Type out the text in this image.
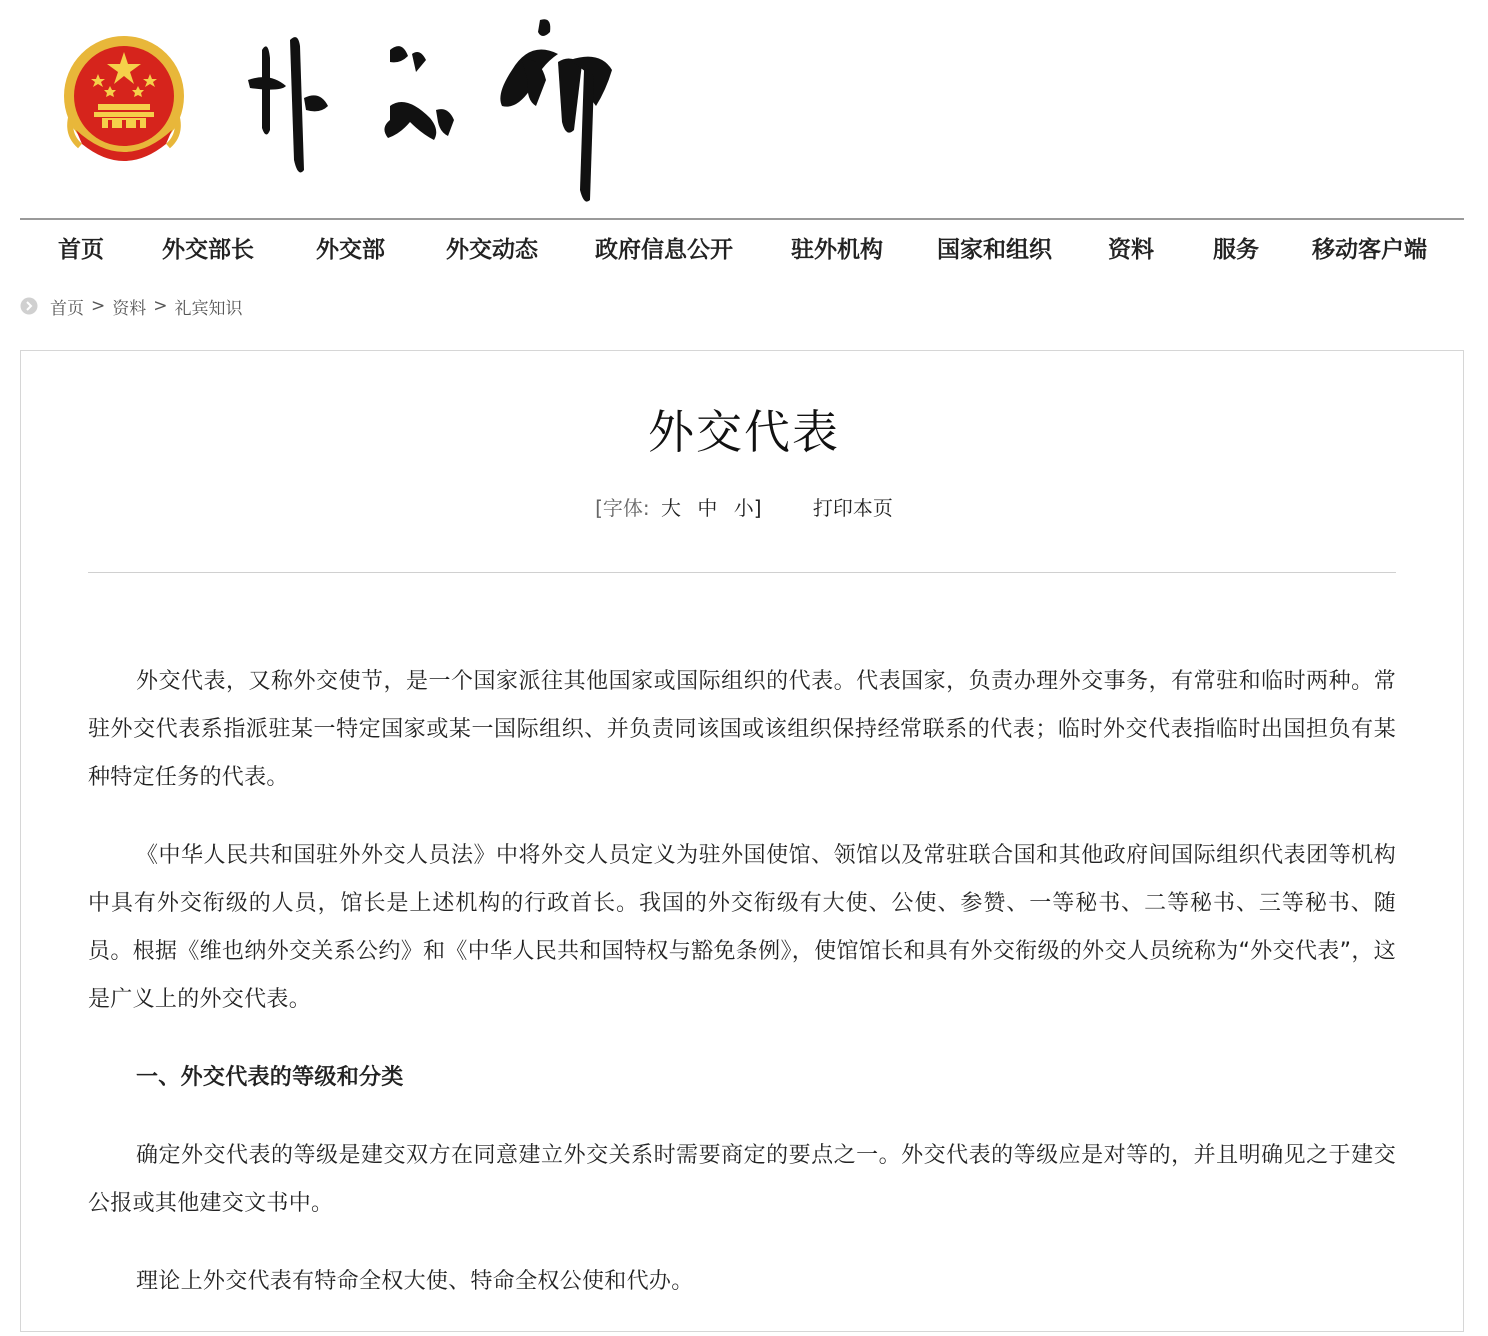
首页	外交部长	外交部	外交动态 政府信息公开	驻外机构 国家和组织 资料	服务 移动客户端
首页 > 资料 > 礼宾知识
外交代表
[字体: 大 中 小]	打印本页

外交代表，又称外交使节，是一个国家派往其他国家或国际组织的代表。代表国家，负责办理外交事务，有常驻和临时两种。常驻外交代表系指派驻某一特定国家或某一国际组织、并负责同该国或该组织保持经常联系的代表；临时外交代表指临时出国担负有某种特定任务的代表。

《中华人民共和国驻外外交人员法》中将外交人员定义为驻外国使馆、领馆以及常驻联合国和其他政府间国际组织代表团等机构中具有外交衔级的人员，馆长是上述机构的行政首长。我国的外交衔级有大使、公使、参赞、一等秘书、二等秘书、三等秘书、随员。根据《维也纳外交关系公约》和《中华人民共和国特权与豁免条例》，使馆馆长和具有外交衔级的外交人员统称为“外交代表”，这是广义上的外交代表。

一、外交代表的等级和分类

确定外交代表的等级是建交双方在同意建立外交关系时需要商定的要点之一。外交代表的等级应是对等的，并且明确见之于建交公报或其他建交文书中。

理论上外交代表有特命全权大使、特命全权公使和代办。
